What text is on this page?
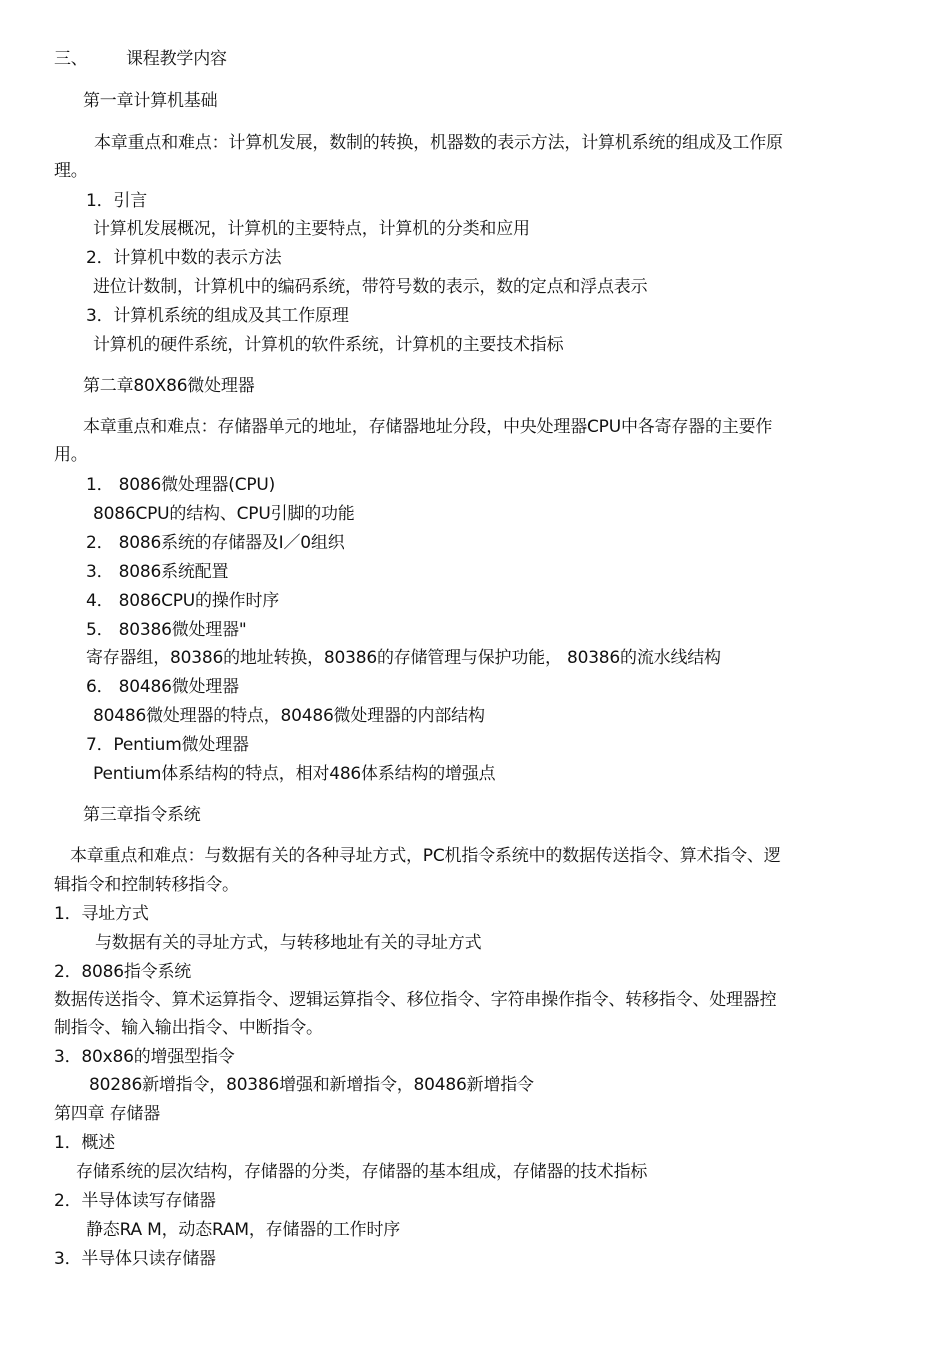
三、 课程教学内容
第一章计算机基础
本章重点和难点：计算机发展，数制的转换，机器数的表示方法，计算机系统的组成及工作原
理。
1．引言
计算机发展概况，计算机的主要特点，计算机的分类和应用
2．计算机中数的表示方法
进位计数制，计算机中的编码系统，带符号数的表示，数的定点和浮点表示
3．计算机系统的组成及其工作原理
计算机的硬件系统，计算机的软件系统，计算机的主要技术指标
第二章80X86微处理器
本章重点和难点：存储器单元的地址，存储器地址分段，中央处理器CPU中各寄存器的主要作
用。
1． 8086微处理器(CPU)
8086CPU的结构、CPU引脚的功能
2． 8086系统的存储器及I／0组织
3． 8086系统配置
4． 8086CPU的操作时序
5． 80386微处理器"
寄存器组，80386的地址转换，80386的存储管理与保护功能， 80386的流水线结构
6． 80486微处理器
80486微处理器的特点，80486微处理器的内部结构
7．Pentium微处理器
Pentium体系结构的特点，相对486体系结构的增强点
第三章指令系统
本章重点和难点：与数据有关的各种寻址方式，PC机指令系统中的数据传送指令、算术指令、逻
辑指令和控制转移指令。
1．寻址方式
与数据有关的寻址方式，与转移地址有关的寻址方式
2．8086指令系统
数据传送指令、算术运算指令、逻辑运算指令、移位指令、字符串操作指令、转移指令、处理器控
制指令、输入输出指令、中断指令。
3．80x86的增强型指令
80286新增指令，80386增强和新增指令，80486新增指令
第四章 存储器
1．概述
存储系统的层次结构，存储器的分类，存储器的基本组成，存储器的技术指标
2．半导体读写存储器
静态RA M，动态RAM，存储器的工作时序
3．半导体只读存储器
